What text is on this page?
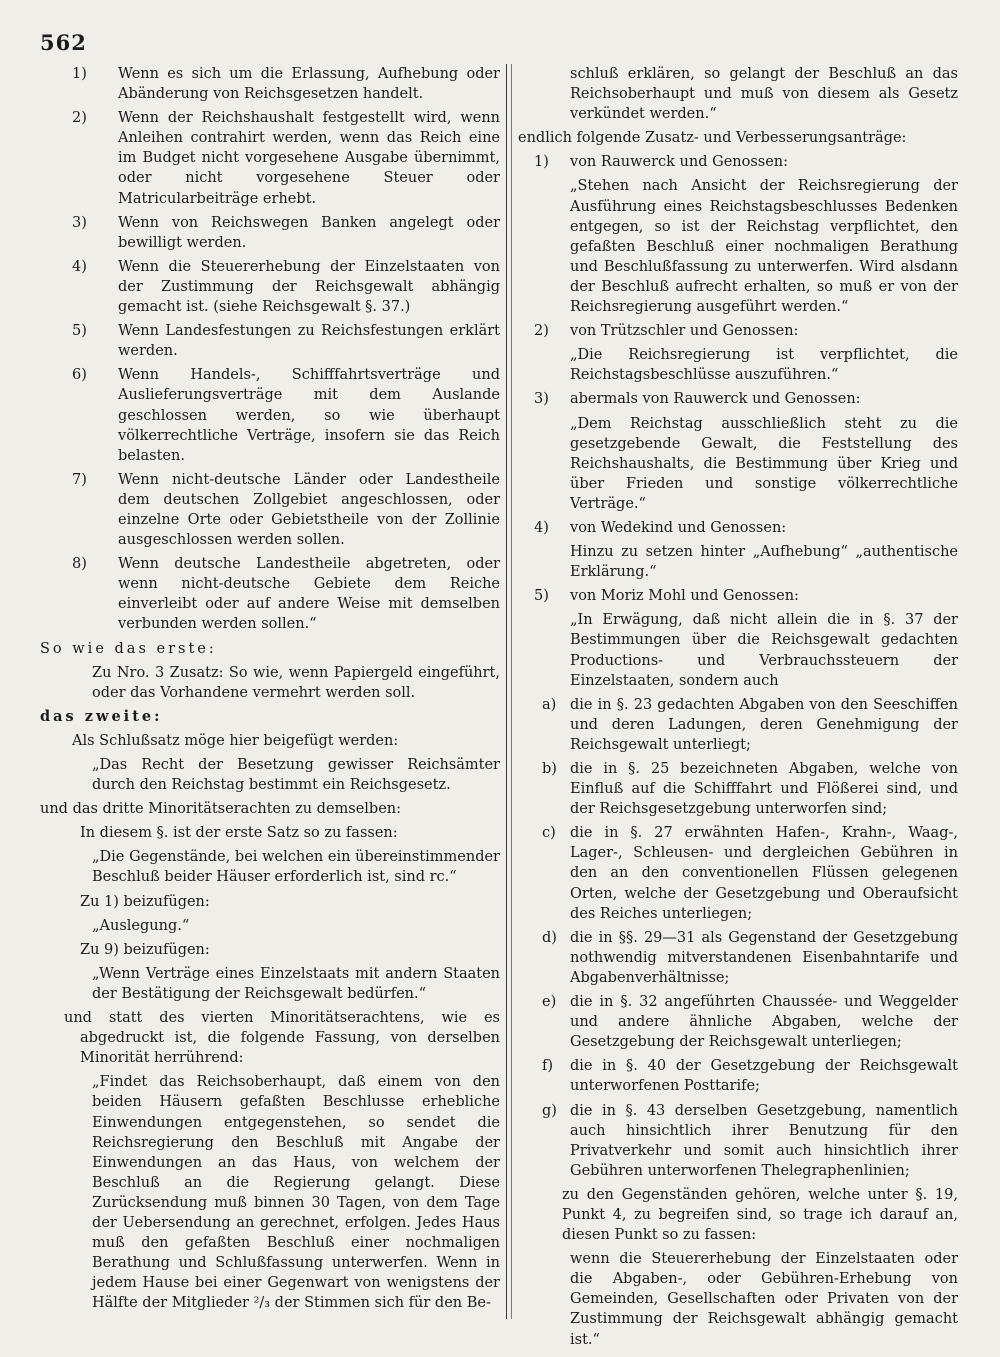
562
1)	Wenn es sich um die Erlassung, Aufhebung oder Abänderung von Reichsgesetzen handelt.
2)	Wenn der Reichshaushalt festgestellt wird, wenn Anleihen contrahirt werden, wenn das Reich eine im Budget nicht vorgesehene Ausgabe übernimmt, oder nicht vorgesehene Steuer oder Matricularbeiträge erhebt.
3)	Wenn von Reichswegen Banken angelegt oder bewilligt werden.
4)	Wenn die Steuererhebung der Einzelstaaten von der Zustimmung der Reichsgewalt abhängig gemacht ist. (siehe Reichsgewalt §. 37.)
5)	Wenn Landesfestungen zu Reichsfestungen erklärt werden.
6)	Wenn Handels-, Schifffahrtsverträge und Auslieferungsverträge mit dem Auslande geschlossen werden, so wie überhaupt völkerrechtliche Verträge, insofern sie das Reich belasten.
7)	Wenn nicht-deutsche Länder oder Landestheile dem deutschen Zollgebiet angeschlossen, oder einzelne Orte oder Gebietstheile von der Zollinie ausgeschlossen werden sollen.
8)	Wenn deutsche Landestheile abgetreten, oder wenn nicht-deutsche Gebiete dem Reiche einverleibt oder auf andere Weise mit demselben verbunden werden sollen.“

So wie das erste:

Zu Nro. 3 Zusatz: So wie, wenn Papiergeld eingeführt, oder das Vorhandene vermehrt werden soll.

das zweite:

Als Schlußsatz möge hier beigefügt werden:

„Das Recht der Besetzung gewisser Reichsämter durch den Reichstag bestimmt ein Reichsgesetz.

und das dritte Minoritätserachten zu demselben:

In diesem §. ist der erste Satz so zu fassen:

„Die Gegenstände, bei welchen ein übereinstimmender Beschluß beider Häuser erforderlich ist, sind rc.“

Zu 1) beizufügen:

„Auslegung.“

Zu 9) beizufügen:

„Wenn Verträge eines Einzelstaats mit andern Staaten der Bestätigung der Reichsgewalt bedürfen.“

und statt des vierten Minoritätserachtens, wie es abgedruckt ist, die folgende Fassung, von derselben Minorität herrührend:

„Findet das Reichsoberhaupt, daß einem von den beiden Häusern gefaßten Beschlusse erhebliche Einwendungen entgegenstehen, so sendet die Reichsregierung den Beschluß mit Angabe der Einwendungen an das Haus, von welchem der Beschluß an die Regierung gelangt. Diese Zurücksendung muß binnen 30 Tagen, von dem Tage der Uebersendung an gerechnet, erfolgen. Jedes Haus muß den gefaßten Beschluß einer nochmaligen Berathung und Schlußfassung unterwerfen. Wenn in jedem Hause bei einer Gegenwart von wenigstens der Hälfte der Mitglieder ²/₃ der Stimmen sich für den Be-

schluß erklären, so gelangt der Beschluß an das Reichsoberhaupt und muß von diesem als Gesetz verkündet werden.“

endlich folgende Zusatz- und Verbesserungsanträge:

1)	von Rauwerck und Genossen:

„Stehen nach Ansicht der Reichsregierung der Ausführung eines Reichstagsbeschlusses Bedenken entgegen, so ist der Reichstag verpflichtet, den gefaßten Beschluß einer nochmaligen Berathung und Beschlußfassung zu unterwerfen. Wird alsdann der Beschluß aufrecht erhalten, so muß er von der Reichsregierung ausgeführt werden.“

2)	von Trützschler und Genossen:

„Die Reichsregierung ist verpflichtet, die Reichstagsbeschlüsse auszuführen.“

3)	abermals von Rauwerck und Genossen:

„Dem Reichstag ausschließlich steht zu die gesetzgebende Gewalt, die Feststellung des Reichshaushalts, die Bestimmung über Krieg und über Frieden und sonstige völkerrechtliche Verträge.“

4)	von Wedekind und Genossen:

Hinzu zu setzen hinter „Aufhebung“ „authentische Erklärung.“

5)	von Moriz Mohl und Genossen:

„In Erwägung, daß nicht allein die in §. 37 der Bestimmungen über die Reichsgewalt gedachten Productions- und Verbrauchssteuern der Einzelstaaten, sondern auch

a) die in §. 23 gedachten Abgaben von den Seeschiffen und deren Ladungen, deren Genehmigung der Reichsgewalt unterliegt;
b) die in §. 25 bezeichneten Abgaben, welche von Einfluß auf die Schifffahrt und Flößerei sind, und der Reichsgesetzgebung unterworfen sind;
c) die in §. 27 erwähnten Hafen-, Krahn-, Waag-, Lager-, Schleusen- und dergleichen Gebühren in den an den conventionellen Flüssen gelegenen Orten, welche der Gesetzgebung und Oberaufsicht des Reiches unterliegen;
d) die in §§. 29—31 als Gegenstand der Gesetzgebung nothwendig mitverstandenen Eisenbahntarife und Abgabenverhältnisse;
e) die in §. 32 angeführten Chaussée- und Weggelder und andere ähnliche Abgaben, welche der Gesetzgebung der Reichsgewalt unterliegen;
f)	die in §. 40 der Gesetzgebung der Reichsgewalt unterworfenen Posttarife;
g) die in §. 43 derselben Gesetzgebung, namentlich auch hinsichtlich ihrer Benutzung für den Privatverkehr und somit auch hinsichtlich ihrer Gebühren unterworfenen Thelegraphenlinien;

zu den Gegenständen gehören, welche unter §. 19, Punkt 4, zu begreifen sind, so trage ich darauf an, diesen Punkt so zu fassen:

wenn die Steuererhebung der Einzelstaaten oder die Abgaben-, oder Gebühren-Erhebung von Gemeinden, Gesellschaften oder Privaten von der Zustimmung der Reichsgewalt abhängig gemacht ist.“
